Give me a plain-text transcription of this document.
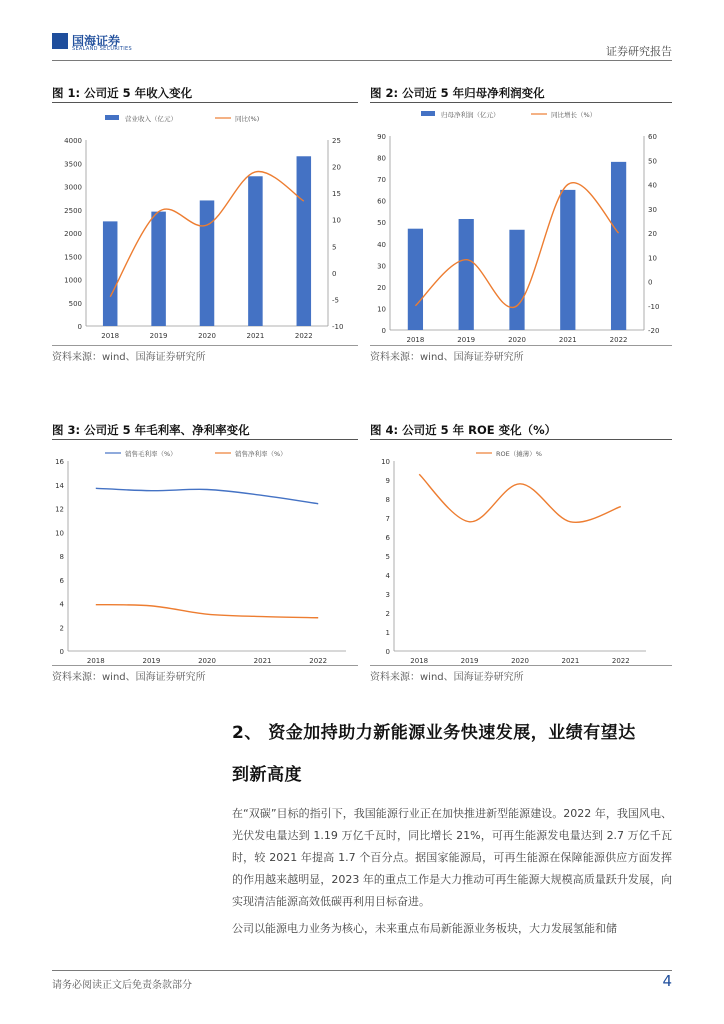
国海证券
SEALAND SECURITIES	证券研究报告
图 1: 公司近 5 年收入变化	图 2: 公司近 5 年归母净利润变化
0
500
1000
1500
2000
2500
3000
3500
4000
-10
-5
0
5
10
15
20
25
2018	2019	2020	2021	2022
营业收入（亿元）	同比(%)
0
10
20
30
40
50
60
70
80
90
-20
-10
0
10
20
30
40
50
60
2018	2019	2020	2021	2022
归母净利润（亿元）	同比增长（%）
资料来源：wind、国海证券研究所	资料来源：wind、国海证券研究所
图 3: 公司近 5 年毛利率、净利率变化	图 4: 公司近 5 年 ROE 变化（%）
0
2
4
6
8
10
12
14
16
2018	2019	2020	2021	2022
销售毛利率（%）	销售净利率（%）
0
1
2
3
4
5
6
7
8
9
10
2018	2019	2020	2021	2022
ROE（摊薄）%
资料来源：wind、国海证券研究所	资料来源：wind、国海证券研究所
2、 资金加持助力新能源业务快速发展，业绩有望达
到新高度
在“双碳”目标的指引下，我国能源行业正在加快推进新型能源建设。2022 年，我国风电、光伏发电量达到 1.19 万亿千瓦时，同比增长 21%，可再生能源发电量达到 2.7 万亿千瓦时，较 2021 年提高 1.7 个百分点。据国家能源局，可再生能源在保障能源供应方面发挥的作用越来越明显，2023 年的重点工作是大力推动可再生能源大规模高质量跃升发展，向实现清洁能源高效低碳再利用目标奋进。
公司以能源电力业务为核心，未来重点布局新能源业务板块，大力发展氢能和储
请务必阅读正文后免责条款部分	4
